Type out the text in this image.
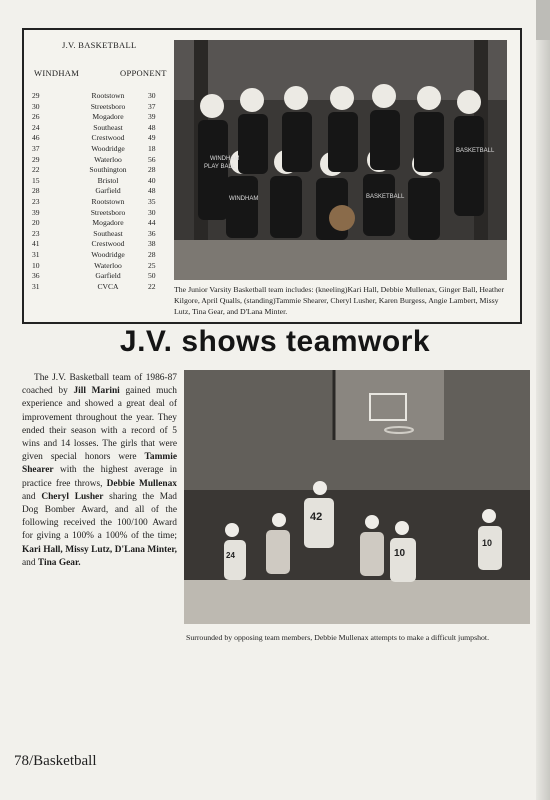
J.V. BASKETBALL
WINDHAM	OPPONENT
29	Rootstown	30
30	Streetsboro	37
26	Mogadore	39
24	Southeast	48
46	Crestwood	49
37	Woodridge	18
29	Waterloo	56
22	Southington	28
15	Bristol	40
28	Garfield	48
23	Rootstown	35
39	Streetsboro	30
20	Mogadore	44
23	Southeast	36
41	Crestwood	38
31	Woodridge	28
10	Waterloo	25
36	Garfield	50
31	CVCA	22
WINDHAM
PLAY BALL
BASKETBALL
WINDHAM	BASKETBALL
The Junior Varsity Basketball team includes: (kneeling)Kari Hall, Debbie Mullenax, Ginger Ball, Heather Kilgore, April Qualls, (standing)Tammie Shearer, Cheryl Lusher, Karen Burgess, Angie Lambert, Missy Lutz, Tina Gear, and D'Lana Minter.
J.V. shows teamwork

The J.V. Basketball team of 1986-87 coached by Jill Marini gained much experience and showed a great deal of improvement throughout the year. They ended their season with a record of 5 wins and 14 losses. The girls that were given special honors were Tammie Shearer with the highest average in practice free throws, Debbie Mullenax and Cheryl Lusher sharing the Mad Dog Bomber Award, and all of the following received the 100/100 Award for giving a 100% a 100% of the time; Kari Hall, Missy Lutz, D'Lana Minter, and Tina Gear.

42
10
10
24
Surrounded by opposing team members, Debbie Mullenax attempts to make a difficult jumpshot.
78/Basketball
